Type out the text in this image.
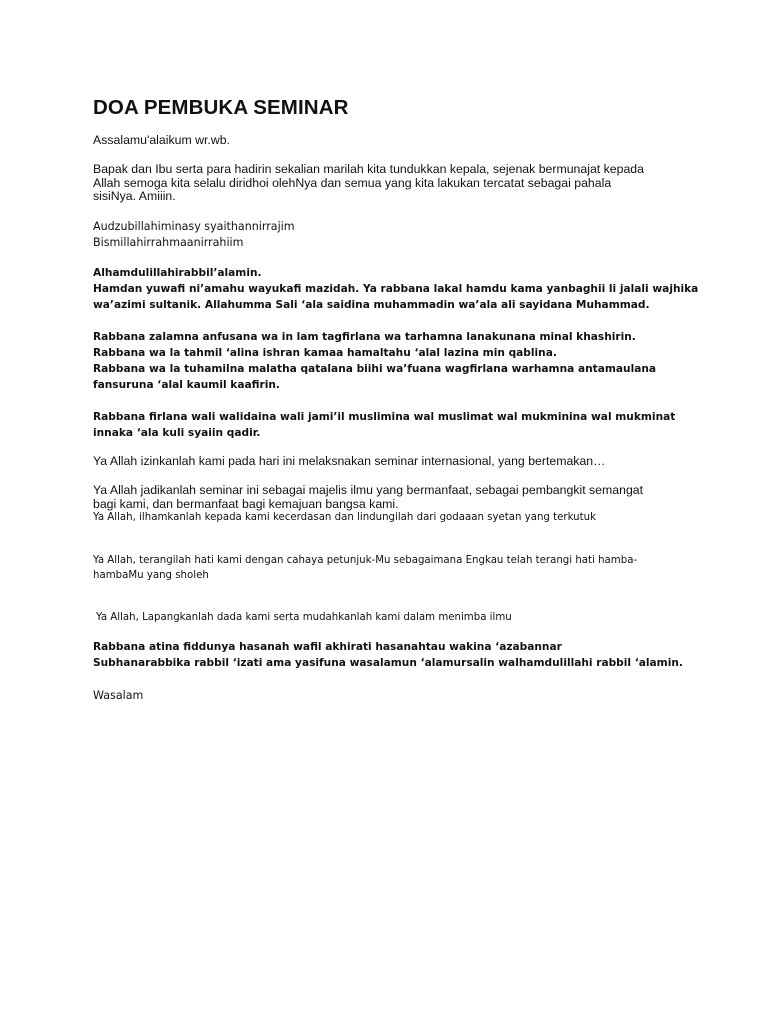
DOA PEMBUKA SEMINAR

Assalamu'alaikum wr.wb.

Bapak dan Ibu serta para hadirin sekalian marilah kita tundukkan kepala, sejenak bermunajat kepada
Allah semoga kita selalu diridhoi olehNya dan semua yang kita lakukan tercatat sebagai pahala
sisiNya. Amiiin.

Audzubillahiminasy syaithannirrajim
Bismillahirrahmaanirrahiim

Alhamdulillahirabbil’alamin.
Hamdan yuwafi ni’amahu wayukafi mazidah. Ya rabbana lakal hamdu kama yanbaghii li jalali wajhika
wa’azimi sultanik. Allahumma Sali ‘ala saidina muhammadin wa’ala ali sayidana Muhammad.

Rabbana zalamna anfusana wa in lam tagfirlana wa tarhamna lanakunana minal khashirin.
Rabbana wa la tahmil ‘alina ishran kamaa hamaltahu ‘alal lazina min qablina.
Rabbana wa la tuhamilna malatha qatalana biihi wa’fuana wagfirlana warhamna antamaulana
fansuruna ‘alal kaumil kaafirin.

Rabbana firlana wali walidaina wali jami’il muslimina wal muslimat wal mukminina wal mukminat
innaka ‘ala kuli syaiin qadir.

Ya Allah izinkanlah kami pada hari ini melaksnakan seminar internasional, yang bertemakan…

Ya Allah jadikanlah seminar ini sebagai majelis ilmu yang bermanfaat, sebagai pembangkit semangat
bagi kami, dan bermanfaat bagi kemajuan bangsa kami.

Ya Allah, ilhamkanlah kepada kami kecerdasan dan lindungilah dari godaaan syetan yang terkutuk

Ya Allah, terangilah hati kami dengan cahaya petunjuk-Mu sebagaimana Engkau telah terangi hati hamba-
hambaMu yang sholeh

Ya Allah, Lapangkanlah dada kami serta mudahkanlah kami dalam menimba ilmu

Rabbana atina fiddunya hasanah wafil akhirati hasanahtau wakina ‘azabannar
Subhanarabbika rabbil ‘izati ama yasifuna wasalamun ‘alamursalin walhamdulillahi rabbil ‘alamin.

Wasalam
